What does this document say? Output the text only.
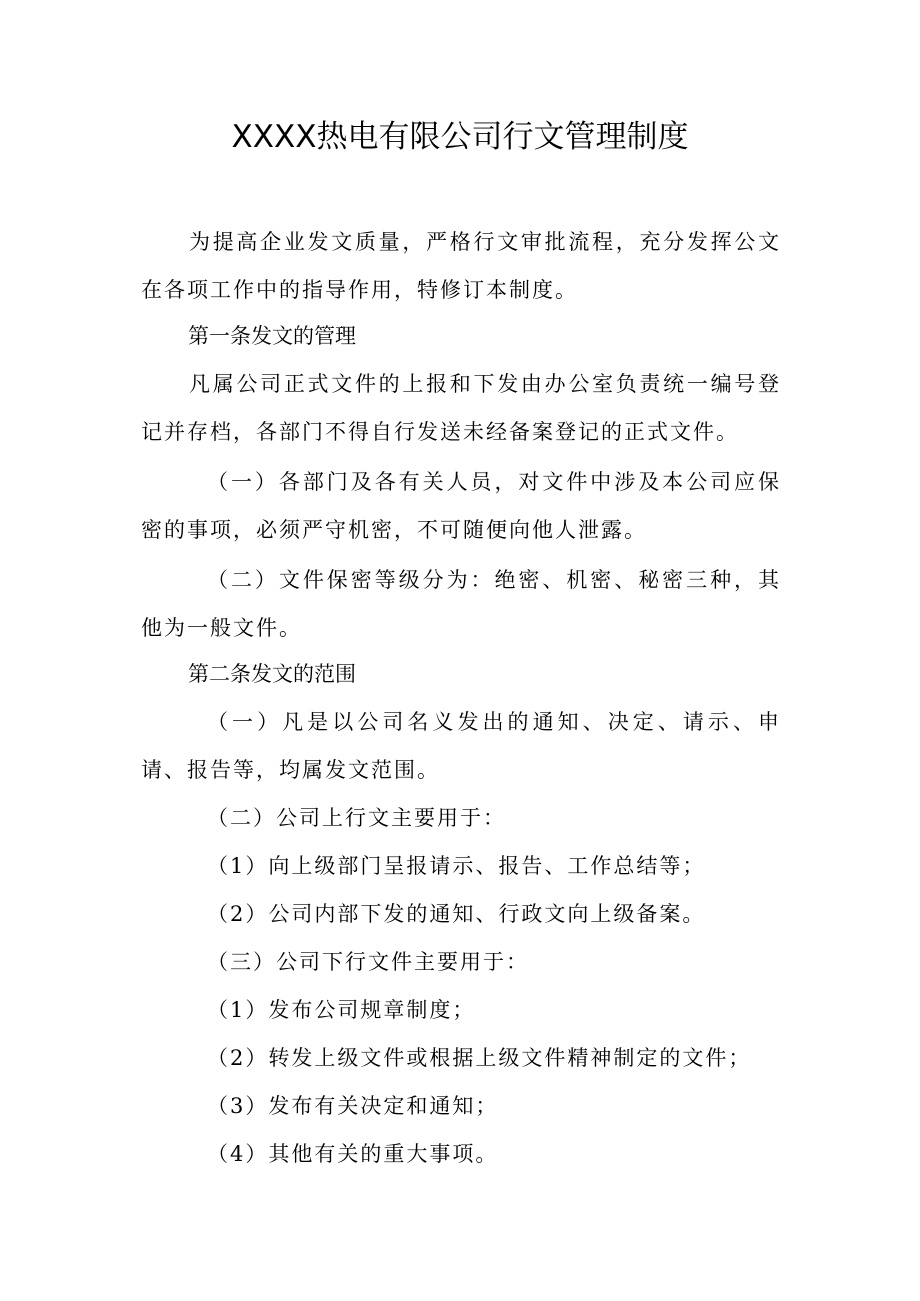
XXXX热电有限公司行文管理制度

为提高企业发文质量，严格行文审批流程，充分发挥公文在各项工作中的指导作用，特修订本制度。

第一条发文的管理

凡属公司正式文件的上报和下发由办公室负责统一编号登记并存档，各部门不得自行发送未经备案登记的正式文件。

（一）各部门及各有关人员，对文件中涉及本公司应保密的事项，必须严守机密，不可随便向他人泄露。

（二）文件保密等级分为：绝密、机密、秘密三种，其他为一般文件。

第二条发文的范围

（一）凡是以公司名义发出的通知、决定、请示、申请、报告等，均属发文范围。

（二）公司上行文主要用于：

（1）向上级部门呈报请示、报告、工作总结等；

（2）公司内部下发的通知、行政文向上级备案。

（三）公司下行文件主要用于：

（1）发布公司规章制度；

（2）转发上级文件或根据上级文件精神制定的文件；

（3）发布有关决定和通知；

（4）其他有关的重大事项。
